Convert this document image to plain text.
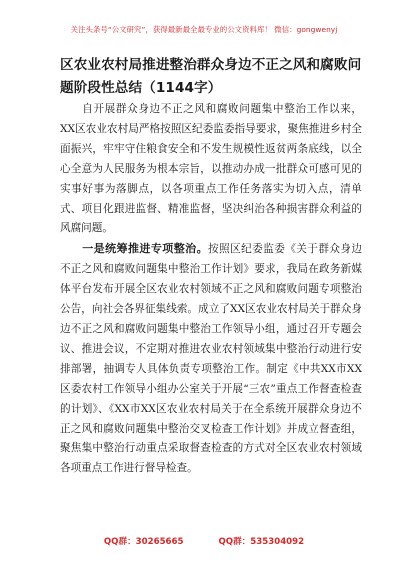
关注头条号“公文研究”，获得最新最全最专业的公文资料库！ 微信：gongwenyj
区农业农村局推进整治群众身边不正之风和腐败问题阶段性总结（1144字）

自开展群众身边不正之风和腐败问题集中整治工作以来，XX区农业农村局严格按照区纪委监委指导要求，聚焦推进乡村全面振兴，牢牢守住粮食安全和不发生规模性返贫两条底线，以全心全意为人民服务为根本宗旨，以推动办成一批群众可感可见的实事好事为落脚点，以各项重点工作任务落实为切入点，清单式、项目化跟进监督、精准监督，坚决纠治各种损害群众利益的风腐问题。

一是统筹推进专项整治。按照区纪委监委《关于群众身边不正之风和腐败问题集中整治工作计划》要求，我局在政务新媒体平台发布开展全区农业农村领域不正之风和腐败问题专项整治公告，向社会各界征集线索。成立了XX区农业农村局关于群众身边不正之风和腐败问题集中整治工作领导小组，通过召开专题会议、推进会议，不定期对推进农业农村领域集中整治行动进行安排部署，抽调专人具体负责专项整治工作。制定《中共XX市XX区委农村工作领导小组办公室关于开展“三农”重点工作督查检查的计划》、《XX市XX区农业农村局关于在全系统开展群众身边不正之风和腐败问题集中整治交叉检查工作计划》并成立督查组，聚焦集中整治行动重点采取督查检查的方式对全区农业农村领域各项重点工作进行督导检查。

QQ群：30265665	QQ群：535304092
